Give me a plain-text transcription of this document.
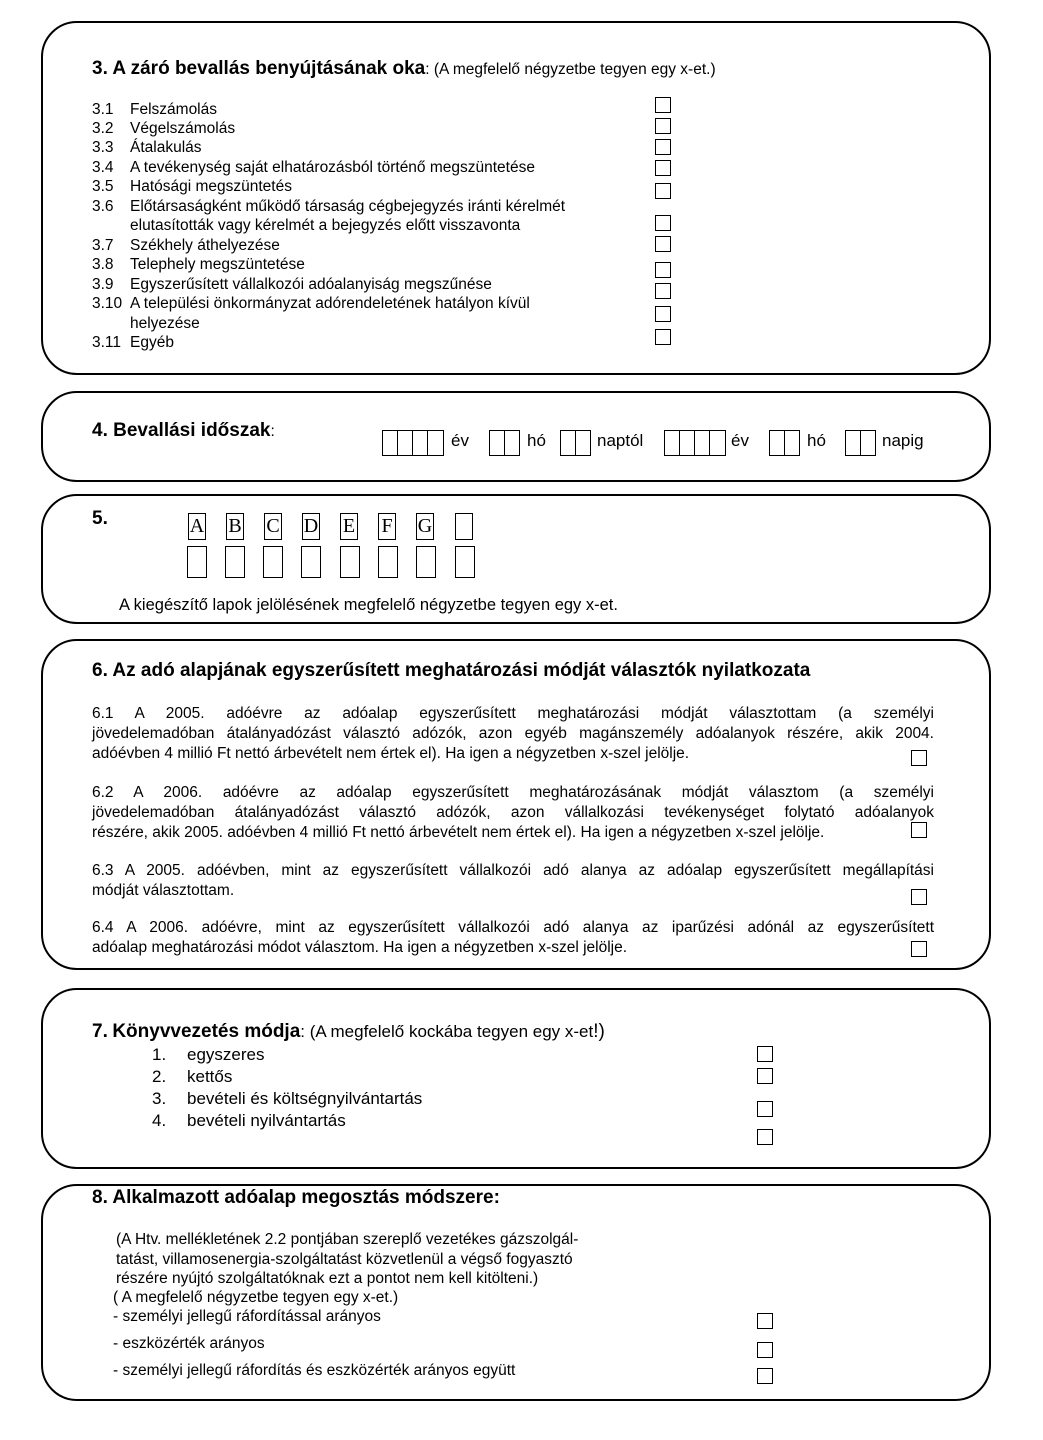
3. A záró bevallás benyújtásának oka: (A megfelelő négyzetbe tegyen egy x-et.)
3.1 Felszámolás
3.2 Végelszámolás
3.3 Átalakulás
3.4 A tevékenység saját elhatározásból történő megszüntetése
3.5 Hatósági megszüntetés
3.6 Előtársaságként működő társaság cégbejegyzés iránti kérelmét
elutasították vagy kérelmét a bejegyzés előtt visszavonta
3.7 Székhely áthelyezése
3.8 Telephely megszüntetése
3.9 Egyszerűsített vállalkozói adóalanyiság megszűnése
3.10 A települési önkormányzat adórendeletének hatályon kívül
helyezése
3.11 Egyéb
4. Bevallási időszak:	év	hó	naptól	év	hó	napig
5.	A B C D E F G
A kiegészítő lapok jelölésének megfelelő négyzetbe tegyen egy x-et.
6. Az adó alapjának egyszerűsített meghatározási módját választók nyilatkozata
6.1 A 2005. adóévre az adóalap egyszerűsített meghatározási módját választottam (a személyi
jövedelemadóban átalányadózást választó adózók, azon egyéb magánszemély adóalanyok részére, akik 2004.
adóévben 4 millió Ft nettó árbevételt nem értek el). Ha igen a négyzetben x-szel jelölje.
6.2 A 2006. adóévre az adóalap egyszerűsített meghatározásának módját választom (a személyi
jövedelemadóban átalányadózást választó adózók, azon vállalkozási tevékenységet folytató adóalanyok
részére, akik 2005. adóévben 4 millió Ft nettó árbevételt nem értek el). Ha igen a négyzetben x-szel jelölje.
6.3 A 2005. adóévben, mint az egyszerűsített vállalkozói adó alanya az adóalap egyszerűsített megállapítási
módját választottam.
6.4 A 2006. adóévre, mint az egyszerűsített vállalkozói adó alanya az iparűzési adónál az egyszerűsített
adóalap meghatározási módot választom. Ha igen a négyzetben x-szel jelölje.
7. Könyvvezetés módja: (A megfelelő kockába tegyen egy x-et!)
1. egyszeres
2. kettős
3. bevételi és költségnyilvántartás
4. bevételi nyilvántartás
8. Alkalmazott adóalap megosztás módszere:
(A Htv. mellékletének 2.2 pontjában szereplő vezetékes gázszolgál-
tatást, villamosenergia-szolgáltatást közvetlenül a végső fogyasztó
részére nyújtó szolgáltatóknak ezt a pontot nem kell kitölteni.)
( A megfelelő négyzetbe tegyen egy x-et.)
- személyi jellegű ráfordítással arányos
- eszközérték arányos
- személyi jellegű ráfordítás és eszközérték arányos együtt
